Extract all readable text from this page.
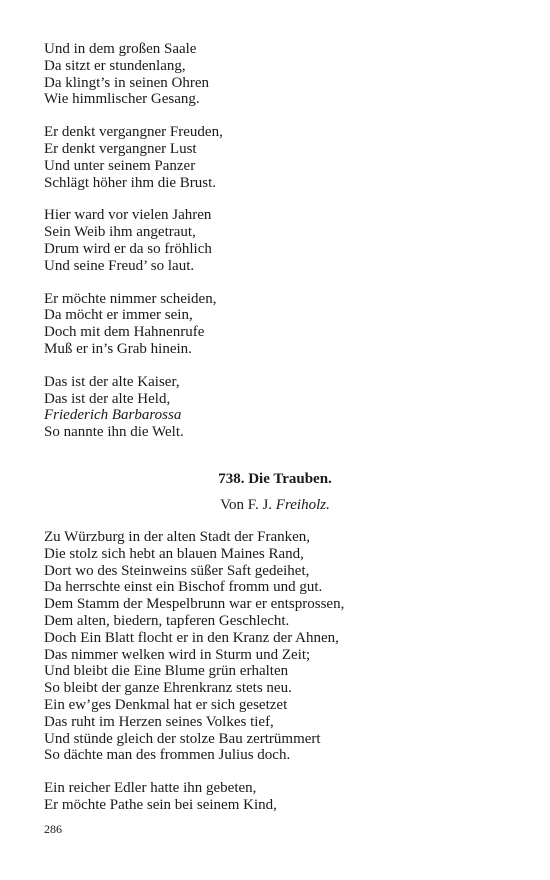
Und in dem großen Saale
Da sitzt er stundenlang,
Da klingt’s in seinen Ohren
Wie himmlischer Gesang.
Er denkt vergangner Freuden,
Er denkt vergangner Lust
Und unter seinem Panzer
Schlägt höher ihm die Brust.
Hier ward vor vielen Jahren
Sein Weib ihm angetraut,
Drum wird er da so fröhlich
Und seine Freud’ so laut.
Er möchte nimmer scheiden,
Da möcht er immer sein,
Doch mit dem Hahnenrufe
Muß er in’s Grab hinein.
Das ist der alte Kaiser,
Das ist der alte Held,
Friederich Barbarossa
So nannte ihn die Welt.
738. Die Trauben.
Von F. J. Freiholz.
Zu Würzburg in der alten Stadt der Franken,
Die stolz sich hebt an blauen Maines Rand,
Dort wo des Steinweins süßer Saft gedeihet,
Da herrschte einst ein Bischof fromm und gut.
Dem Stamm der Mespelbrunn war er entsprossen,
Dem alten, biedern, tapferen Geschlecht.
Doch Ein Blatt flocht er in den Kranz der Ahnen,
Das nimmer welken wird in Sturm und Zeit;
Und bleibt die Eine Blume grün erhalten
So bleibt der ganze Ehrenkranz stets neu.
Ein ew’ges Denkmal hat er sich gesetzet
Das ruht im Herzen seines Volkes tief,
Und stünde gleich der stolze Bau zertrümmert
So dächte man des frommen Julius doch.
Ein reicher Edler hatte ihn gebeten,
Er möchte Pathe sein bei seinem Kind,
286
